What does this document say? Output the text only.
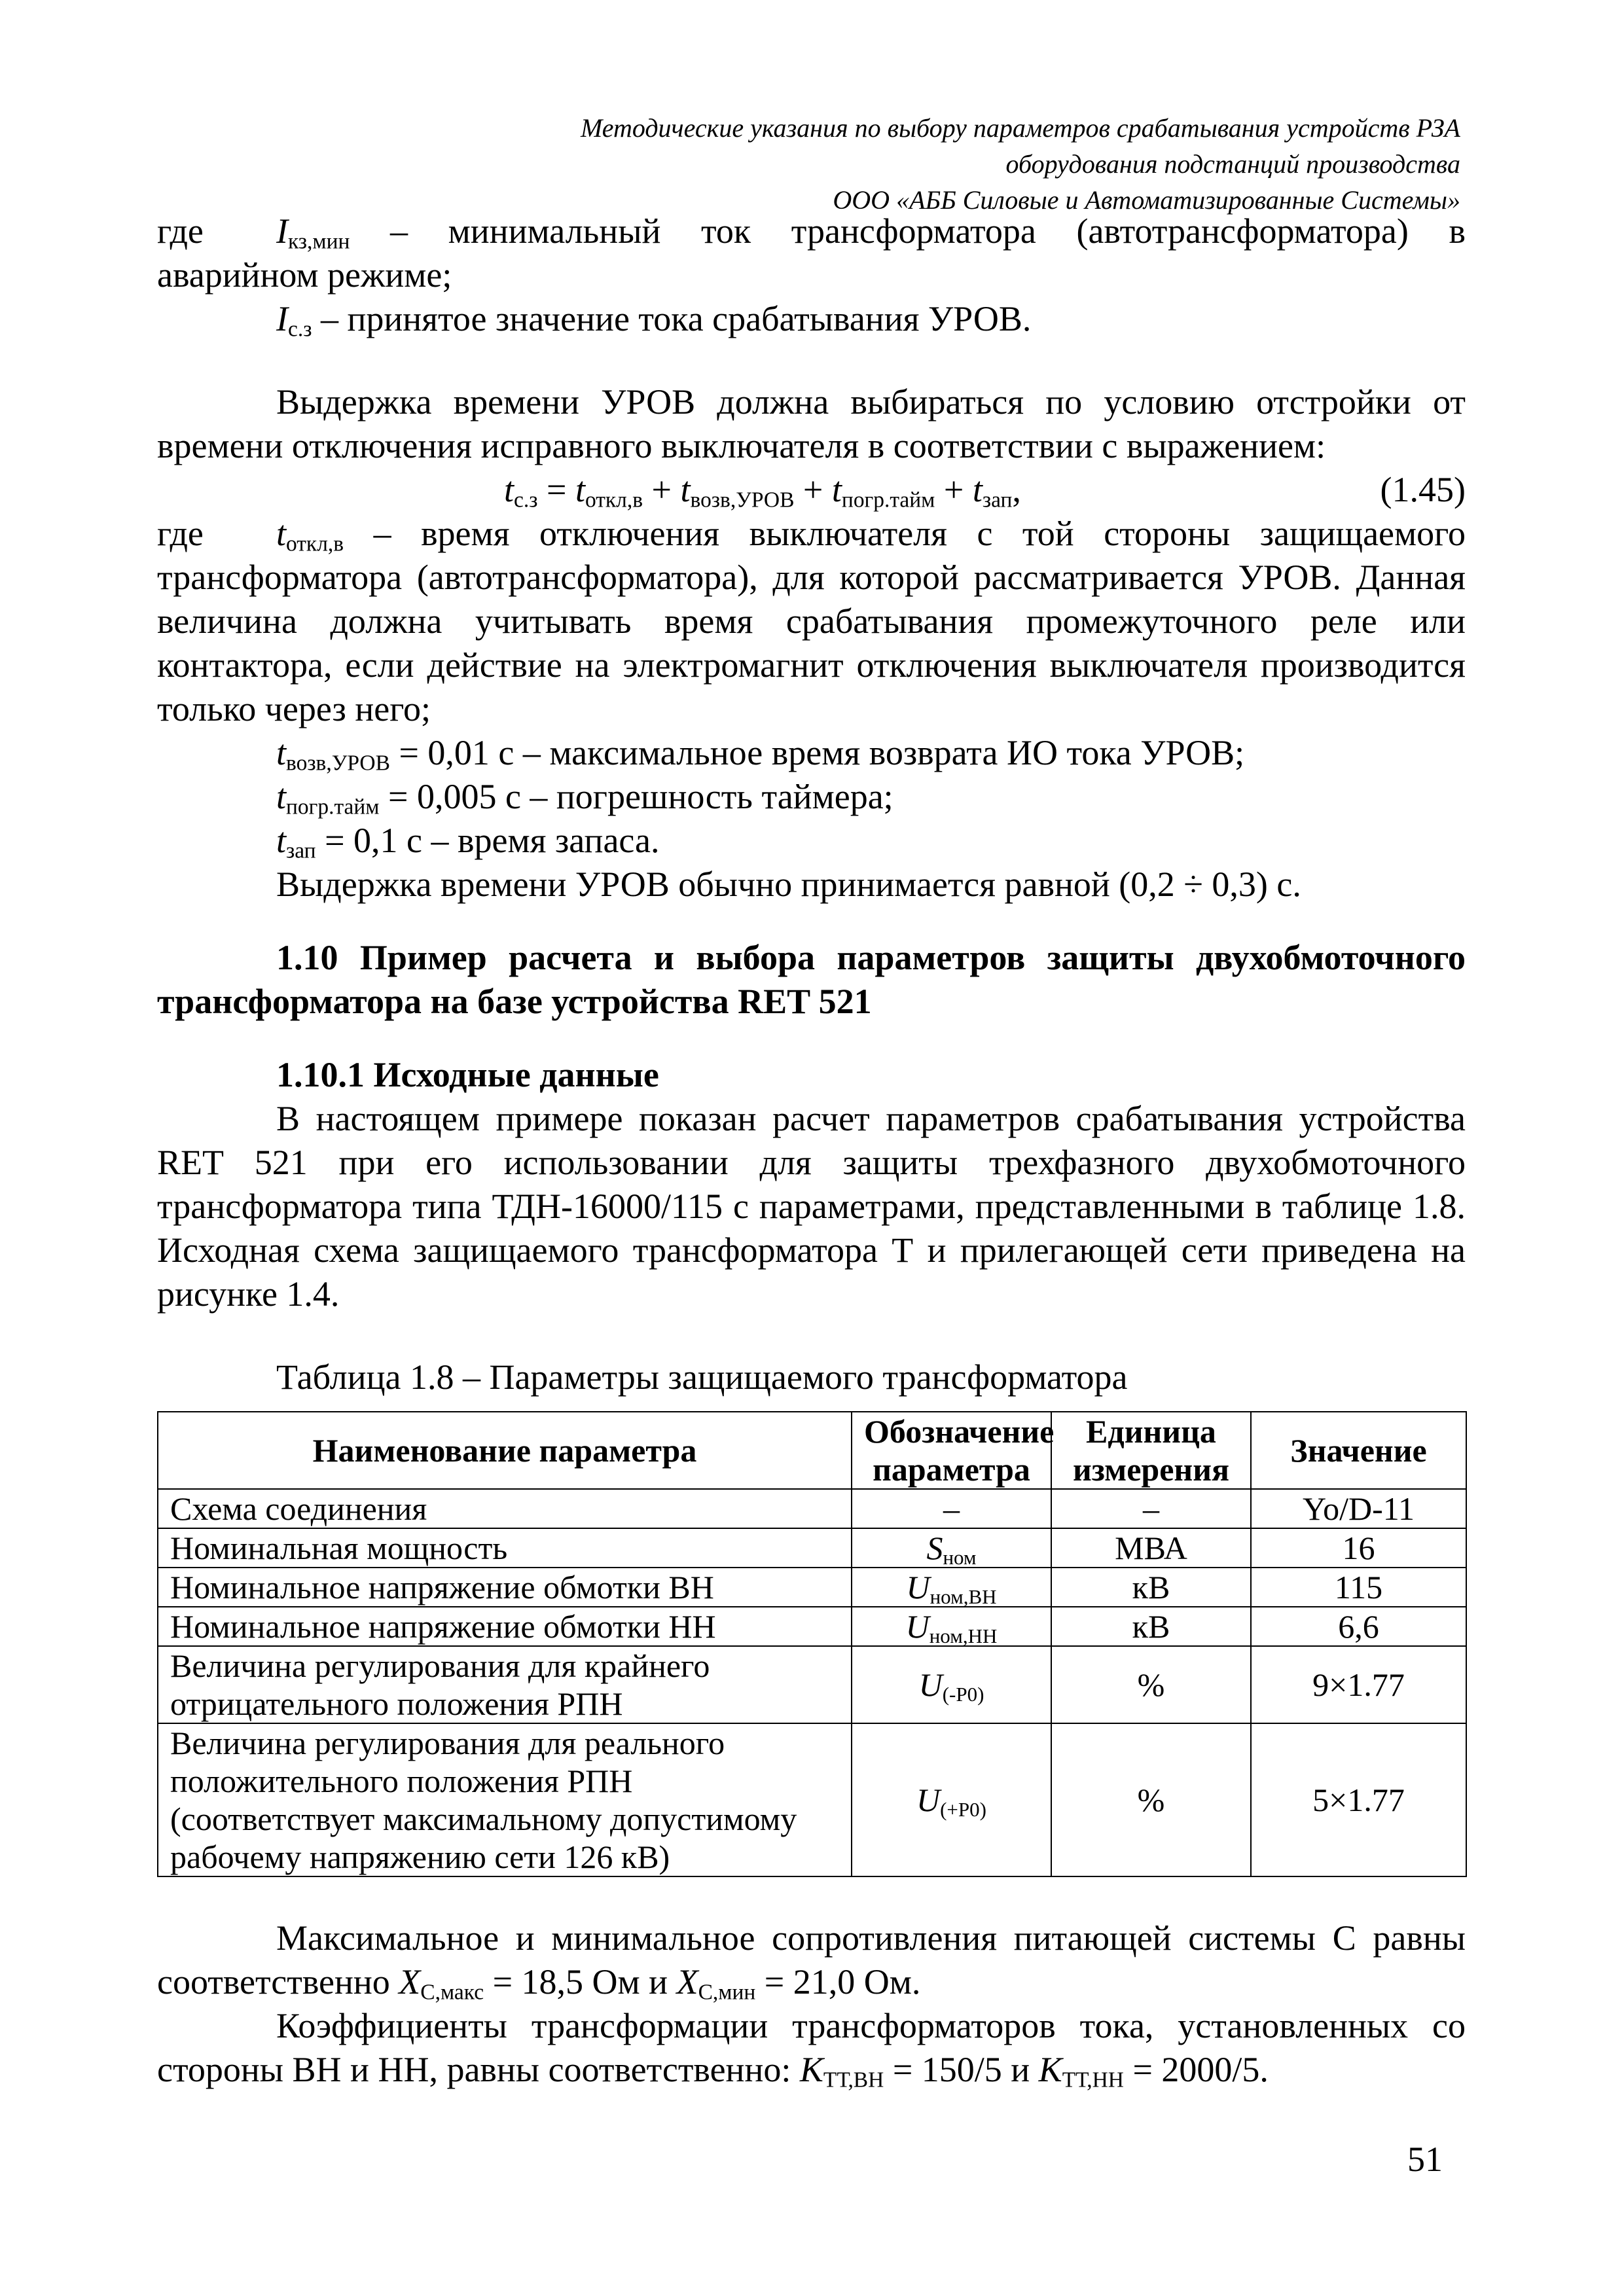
Методические указания по выбору параметров срабатывания устройств РЗА
оборудования подстанций производства
ООО «АББ Силовые и Автоматизированные Системы»

где $I_{кз,мин}$ – минимальный ток трансформатора (автотрансформатора) в

аварийном режиме;

$I_{с.з}$ – принятое значение тока срабатывания УРОВ.

Выдержка времени УРОВ должна выбираться по условию отстройки от времени отключения исправного выключателя в соответствии с выражением:

$t_{с.з} = t_{откл,в} + t_{возв,УРОВ} + t_{погр.тайм} + t_{зап}$,	(1.45)

где $t_{откл,в}$ – время отключения выключателя с той стороны защищаемого трансформатора (автотрансформатора), для которой рассматривается УРОВ. Данная величина должна учитывать время срабатывания промежуточного реле или контактора, если действие на электромагнит отключения выключателя производится только через него;

$t_{возв,УРОВ} = 0,01$ с – максимальное время возврата ИО тока УРОВ;

$t_{погр.тайм} = 0,005$ с – погрешность таймера;

$t_{зап} = 0,1$ с – время запаса.

Выдержка времени УРОВ обычно принимается равной (0,2 ÷ 0,3) с.

1.10 Пример расчета и выбора параметров защиты двухобмоточного трансформатора на базе устройства RET 521
1.10.1 Исходные данные

В настоящем примере показан расчет параметров срабатывания устройства RET 521 при его использовании для защиты трехфазного двухобмоточного трансформатора типа ТДН-16000/115 с параметрами, представленными в таблице 1.8. Исходная схема защищаемого трансформатора Т и прилегающей сети приведена на рисунке 1.4.

Таблица 1.8 – Параметры защищаемого трансформатора

Наименование параметра	Обозначение параметра	Единица измерения	Значение
Схема соединения	–	–	Yo/D-11
Номинальная мощность	$S_{ном}$	МВА	16
Номинальное напряжение обмотки ВН	$U_{ном,ВН}$	кВ	115
Номинальное напряжение обмотки НН	$U_{ном,НН}$	кВ	6,6
Величина регулирования для крайнего отрицательного положения РПН	$U_{(-Р0)}$	%	9×1.77
Величина регулирования для реального положительного положения РПН (соответствует максимальному допустимому рабочему напряжению сети 126 кВ)	$U_{(+Р0)}$	%	5×1.77

Максимальное и минимальное сопротивления питающей системы С равны соответственно $X_{С,макс} = 18,5$ Ом и $X_{С,мин} = 21,0$ Ом.

Коэффициенты трансформации трансформаторов тока, установленных со стороны ВН и НН, равны соответственно: $K_{ТТ,ВН} = 150/5$ и $K_{ТТ,НН} = 2000/5$.

51
